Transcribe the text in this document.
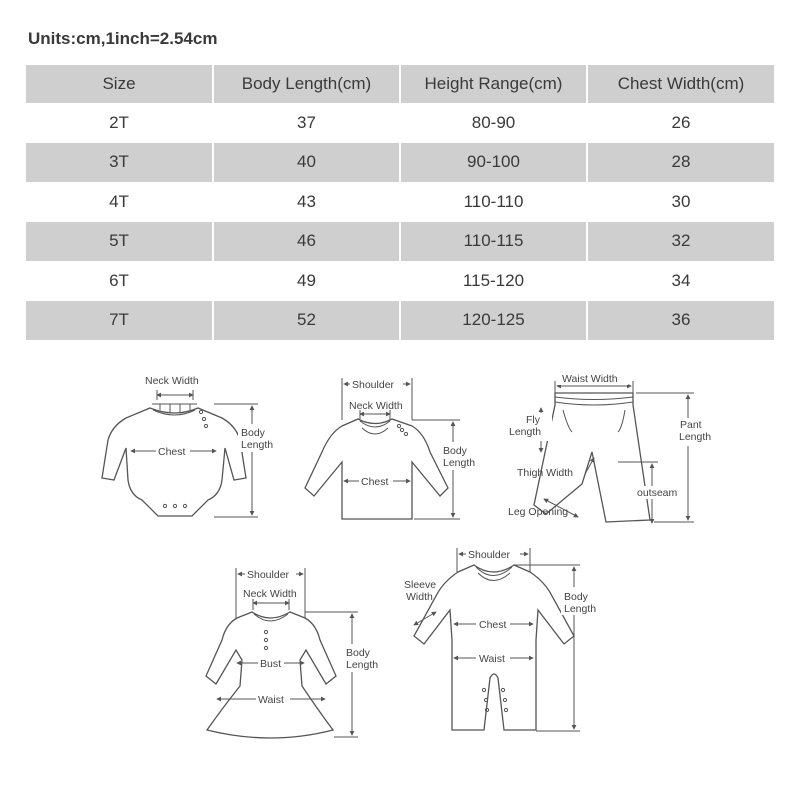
Units:cm,1inch=2.54cm
Size	Body Length(cm)	Height Range(cm)	Chest Width(cm)
2T	37	80-90	26
3T	40	90-100	28
4T	43	110-110	30
5T	46	110-115	32
6T	49	115-120	34
7T	52	120-125	36
Neck Width
Chest
Body
Length
Shoulder
Neck Width
Chest
Body
Length
Waist Width
Fly
Length
Thigh Width
Leg Opening
outseam
Pant
Length
Shoulder
Neck Width
Bust
Waist
Body
Length
Shoulder
Sleeve
Width
Chest
Waist
Body
Length
